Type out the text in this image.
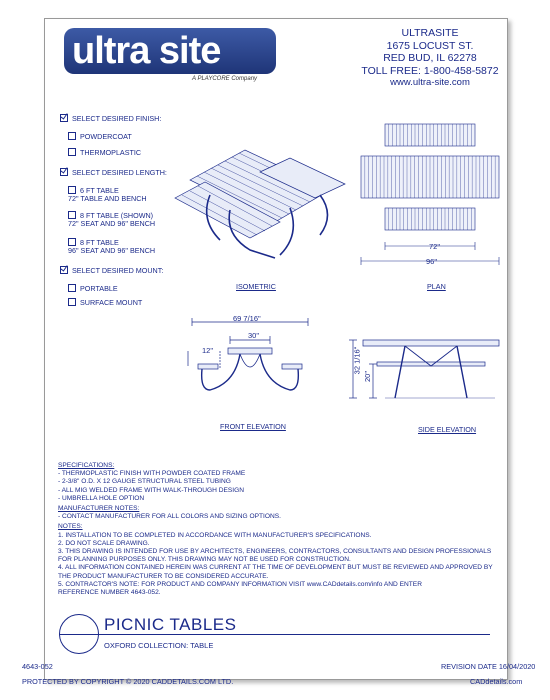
ultra site
A PLAYCORE Company
ULTRASITE
1675 LOCUST ST.
RED BUD, IL 62278
TOLL FREE: 1-800-458-5872
www.ultra-site.com
SELECT DESIRED FINISH:
POWDERCOAT
THERMOPLASTIC
SELECT DESIRED LENGTH:
6 FT TABLE
72" TABLE AND BENCH
8 FT TABLE (SHOWN)
72" SEAT AND 96" BENCH
8 FT TABLE
96" SEAT AND 96" BENCH
SELECT DESIRED MOUNT:
PORTABLE
SURFACE MOUNT
ISOMETRIC
72"
96"
PLAN
69 7/16"
30"
12"
FRONT ELEVATION
32 1/16"
20"
SIDE ELEVATION
SPECIFICATIONS:
- THERMOPLASTIC FINISH WITH POWDER COATED FRAME
- 2-3/8" O.D. X 12 GAUGE STRUCTURAL STEEL TUBING
- ALL MIG WELDED FRAME WITH WALK-THROUGH DESIGN
- UMBRELLA HOLE OPTION
MANUFACTURER NOTES:
- CONTACT MANUFACTURER FOR ALL COLORS AND SIZING OPTIONS.
NOTES:
1. INSTALLATION TO BE COMPLETED IN ACCORDANCE WITH MANUFACTURER'S SPECIFICATIONS.
2. DO NOT SCALE DRAWING.
3. THIS DRAWING IS INTENDED FOR USE BY ARCHITECTS, ENGINEERS, CONTRACTORS, CONSULTANTS AND DESIGN PROFESSIONALS
FOR PLANNING PURPOSES ONLY. THIS DRAWING MAY NOT BE USED FOR CONSTRUCTION.
4. ALL INFORMATION CONTAINED HEREIN WAS CURRENT AT THE TIME OF DEVELOPMENT BUT MUST BE REVIEWED AND APPROVED BY
THE PRODUCT MANUFACTURER TO BE CONSIDERED ACCURATE.
5. CONTRACTOR'S NOTE: FOR PRODUCT AND COMPANY INFORMATION VISIT www.CADdetails.com/info AND ENTER
REFERENCE NUMBER 4643-052.
PICNIC TABLES
OXFORD COLLECTION: TABLE
4643-052	REVISION DATE 16/04/2020
PROTECTED BY COPYRIGHT © 2020 CADDETAILS.COM LTD.	CADdetails.com
